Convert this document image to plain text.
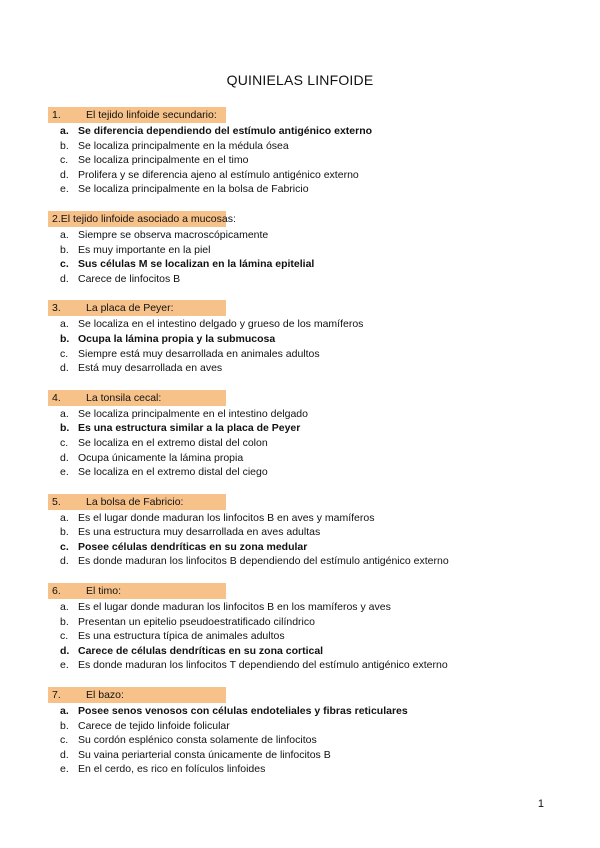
QUINIELAS LINFOIDE
1.	El tejido linfoide secundario:
a. Se diferencia dependiendo del estímulo antigénico externo
b. Se localiza principalmente en la médula ósea
c. Se localiza principalmente en el timo
d. Prolifera y se diferencia ajeno al estímulo antigénico externo
e. Se localiza principalmente en la bolsa de Fabricio
2. El tejido linfoide asociado a mucosas:
a. Siempre se observa macroscópicamente
b. Es muy importante en la piel
c. Sus células M se localizan en la lámina epitelial
d. Carece de linfocitos B
3.	La placa de Peyer:
a. Se localiza en el intestino delgado y grueso de los mamíferos
b. Ocupa la lámina propia y la submucosa
c. Siempre está muy desarrollada en animales adultos
d. Está muy desarrollada en aves
4.	La tonsila cecal:
a. Se localiza principalmente en el intestino delgado
b. Es una estructura similar a la placa de Peyer
c. Se localiza en el extremo distal del colon
d. Ocupa únicamente la lámina propia
e. Se localiza en el extremo distal del ciego
5.	La bolsa de Fabricio:
a. Es el lugar donde maduran los linfocitos B en aves y mamíferos
b. Es una estructura muy desarrollada en aves adultas
c. Posee células dendríticas en su zona medular
d. Es donde maduran los linfocitos B dependiendo del estímulo antigénico externo
6.	El timo:
a. Es el lugar donde maduran los linfocitos B en los mamíferos y aves
b. Presentan un epitelio pseudoestratificado cilíndrico
c. Es una estructura típica de animales adultos
d. Carece de células dendríticas en su zona cortical
e. Es donde maduran los linfocitos T dependiendo del estímulo antigénico externo
7.	El bazo:
a. Posee senos venosos con células endoteliales y fibras reticulares
b. Carece de tejido linfoide folicular
c. Su cordón esplénico consta solamente de linfocitos
d. Su vaina periarterial consta únicamente de linfocitos B
e. En el cerdo, es rico en folículos linfoides
1
